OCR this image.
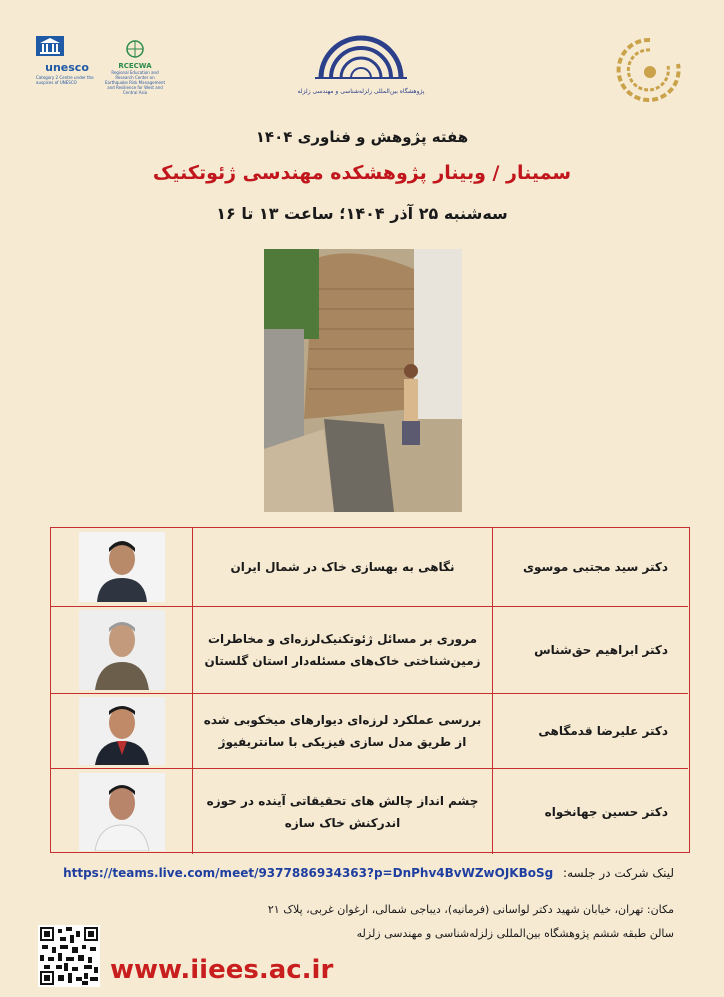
unesco
Category 2 Centre under the auspices of UNESCO
RCECWA
Regional Education and Research Center on Earthquake Risk Management and Resilience for West and Central Asia	پژوهشگاه بین‌المللی زلزله‌شناسی و مهندسی زلزله
هفته پژوهش و فناوری ۱۴۰۴
سمینار / وبینار پژوهشکده مهندسی ژئوتکنیک
سه‌شنبه ۲۵ آذر ۱۴۰۴؛ ساعت ۱۳ تا ۱۶
دکتر سید مجتبی موسوی
نگاهی به بهسازی خاک در شمال ایران
دکتر ابراهیم حق‌شناس
مروری بر مسائل ژئوتکنیک‌لرزه‌ای و مخاطرات زمین‌شناختی خاک‌های مسئله‌دار استان گلستان
دکتر علیرضا قدمگاهی
بررسی عملکرد لرزه‌ای دیوارهای میخکوبی شده از طریق مدل سازی فیزیکی با سانتریفیوژ
دکتر حسین جهانخواه
چشم انداز چالش های تحقیقاتی آینده در حوزه اندرکنش خاک سازه
لینک شرکت در جلسه: https://teams.live.com/meet/9377886934363?p=DnPhv4BvWZwOJKBoSg
مکان: تهران، خیابان شهید دکتر لواسانی (فرمانیه)، دیباجی شمالی، ارغوان غربی، پلاک ۲۱
سالن طبقه ششم پژوهشگاه بین‌المللی زلزله‌شناسی و مهندسی زلزله
www.iiees.ac.ir
